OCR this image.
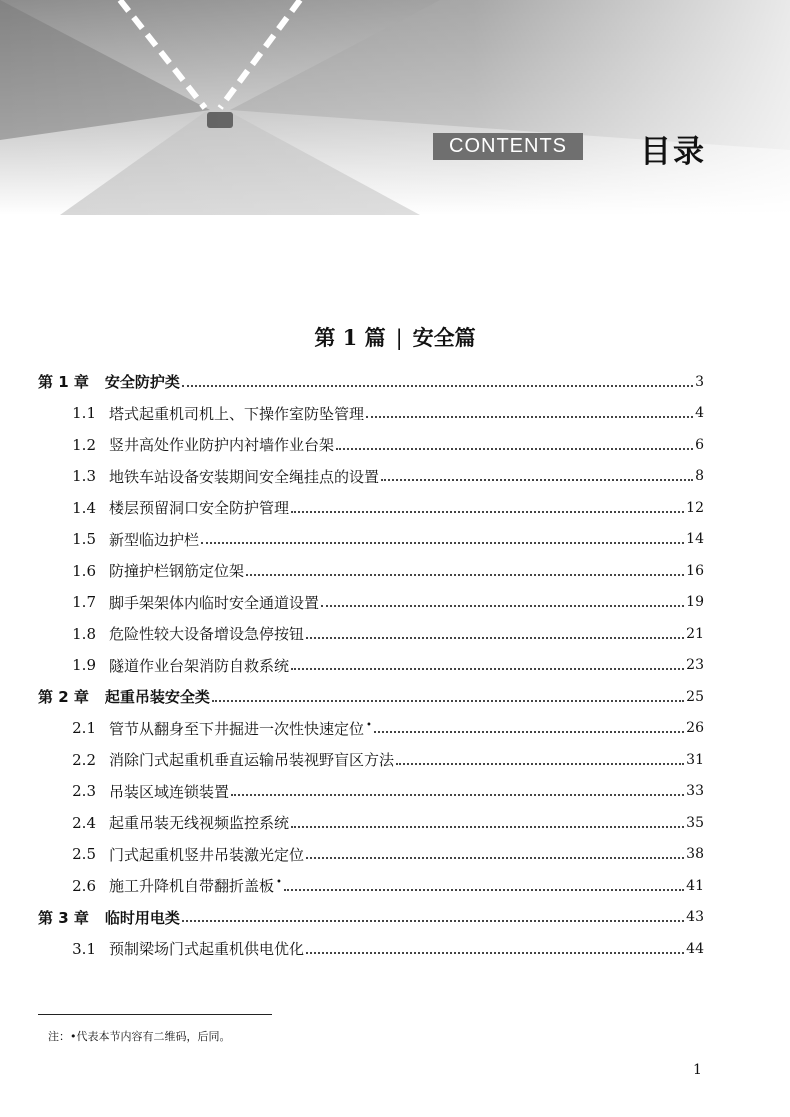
CONTENTS	目录
第 1 篇 | 安全篇
第 1 章 安全防护类	3
1.1 塔式起重机司机上、下操作室防坠管理	4
1.2 竖井高处作业防护内衬墙作业台架	6
1.3 地铁车站设备安装期间安全绳挂点的设置	8
1.4 楼层预留洞口安全防护管理	12
1.5 新型临边护栏	14
1.6 防撞护栏钢筋定位架	16
1.7 脚手架架体内临时安全通道设置	19
1.8 危险性较大设备增设急停按钮	21
1.9 隧道作业台架消防自救系统	23
第 2 章 起重吊装安全类	25
2.1 管节从翻身至下井掘进一次性快速定位 •	26
2.2 消除门式起重机垂直运输吊装视野盲区方法	31
2.3 吊装区域连锁装置	33
2.4 起重吊装无线视频监控系统	35
2.5 门式起重机竖井吊装激光定位	38
2.6 施工升降机自带翻折盖板 •	41
第 3 章 临时用电类	43
3.1 预制梁场门式起重机供电优化	44
注：•代表本节内容有二维码，后同。
1
